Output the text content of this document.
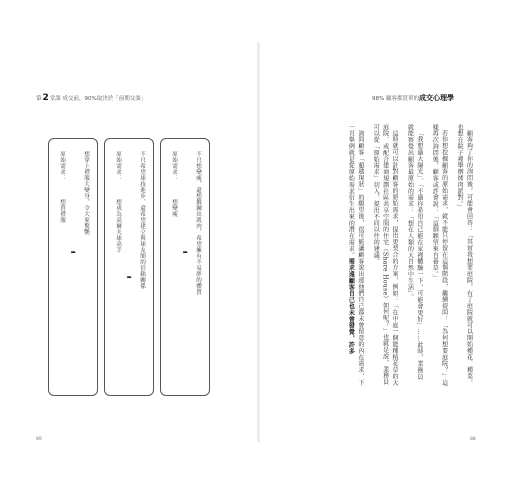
第2堂課 成交前，90%取決於「前期交談」	98% 顧客都買單的成交心理學

顧客夠了你的詢問後，可能會回答：「其實我想要庭院，有了庭院就可以開始種花、種菜。也想在院子裡舉辦烤肉派對。」

若你想挖掘顧客的原始需求，就不能只停留在這個階段，繼續提問：「為何想要庭院？」這樣再次詢問後，顧客或許會說：「這個願望來自養草。」

「我想過大陽光」、「不過你希望自己能在家裡體驗一下，可能會更好」……此時，業務員就能察覺出顧客最原始的需求：「想在人類的大自然中生活」。

這時就可以針對顧客的原始需求，提出更契合的方案，例如：「在中庭一個能種植花草的大庭院、或配合建商規劃社區共享空間的住宅（Share House）如何呢？」也就是說，業務員可以從「原始需求」切入，提出不同以往的建議。

詢問顧客「超越現狀」的願望後，很可能讓顧客說出連他們自己都未曾留意的內在需求，下一頁舉例就是從原始需求衍生出來的潛在需求。需求遠顧客自己也未曾發覺，許多

原始需求：
想變瘦
⬅	不只想變瘦，還想鍛鍊出肌肉，希望擁有不易胖的體質
原始需求：
想成為高爾夫球高手
⬅	不只希望球技進步，還希望建立與球友間的信賴關係
原始需求：
想買禮服
⬅
想穿上禮服大變身，令大家驚艷
89	88
